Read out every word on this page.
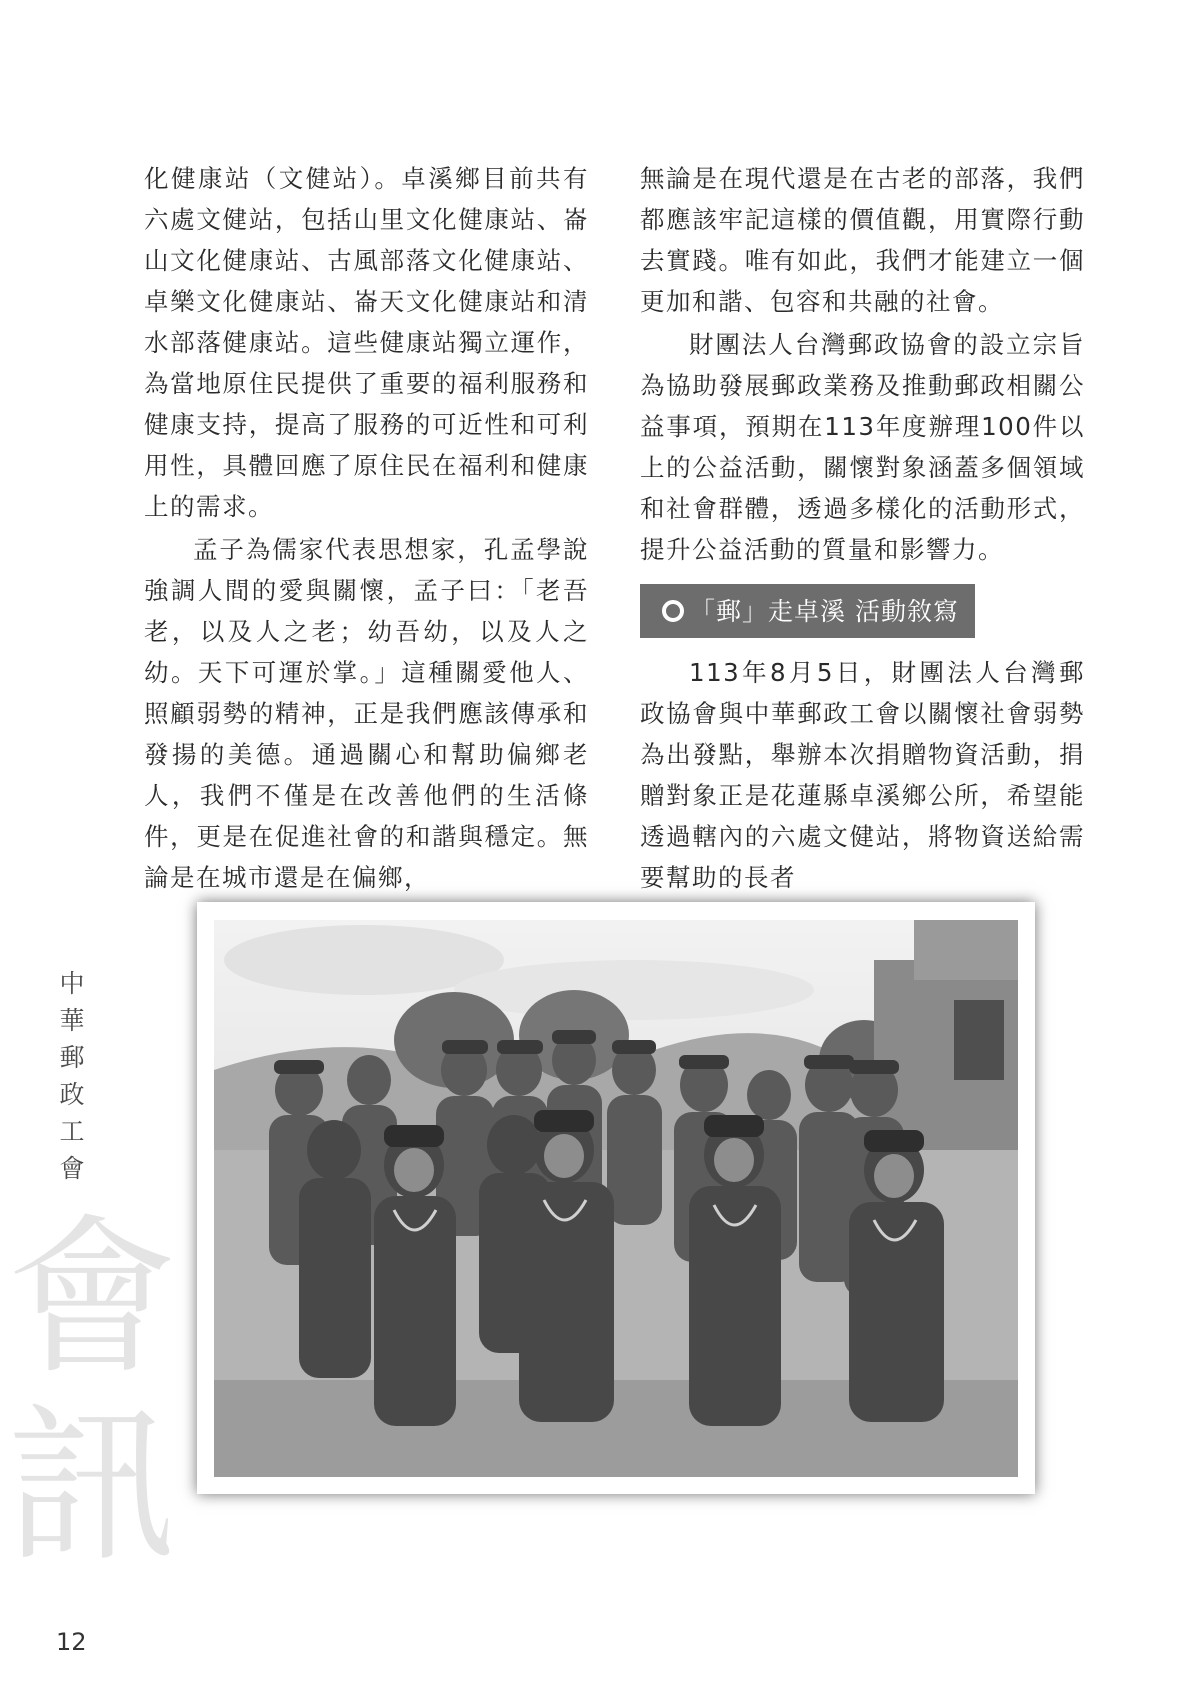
化健康站（文健站）。卓溪鄉目前共有六處文健站，包括山里文化健康站、崙山文化健康站、古風部落文化健康站、卓樂文化健康站、崙天文化健康站和清水部落健康站。這些健康站獨立運作，為當地原住民提供了重要的福利服務和健康支持，提高了服務的可近性和可利用性，具體回應了原住民在福利和健康上的需求。

孟子為儒家代表思想家，孔孟學說強調人間的愛與關懷，孟子曰：「老吾老，以及人之老；幼吾幼，以及人之幼。天下可運於掌。」這種關愛他人、照顧弱勢的精神，正是我們應該傳承和發揚的美德。通過關心和幫助偏鄉老人，我們不僅是在改善他們的生活條件，更是在促進社會的和諧與穩定。無論是在城市還是在偏鄉，

無論是在現代還是在古老的部落，我們都應該牢記這樣的價值觀，用實際行動去實踐。唯有如此，我們才能建立一個更加和諧、包容和共融的社會。

財團法人台灣郵政協會的設立宗旨為協助發展郵政業務及推動郵政相關公益事項，預期在113年度辦理100件以上的公益活動，關懷對象涵蓋多個領域和社會群體，透過多樣化的活動形式，提升公益活動的質量和影響力。

「郵」走卓溪 活動敘寫

113年8月5日，財團法人台灣郵政協會與中華郵政工會以關懷社會弱勢為出發點，舉辦本次捐贈物資活動，捐贈對象正是花蓮縣卓溪鄉公所，希望能透過轄內的六處文健站，將物資送給需要幫助的長者

中
華
郵
政
工
會
會
訊
12
